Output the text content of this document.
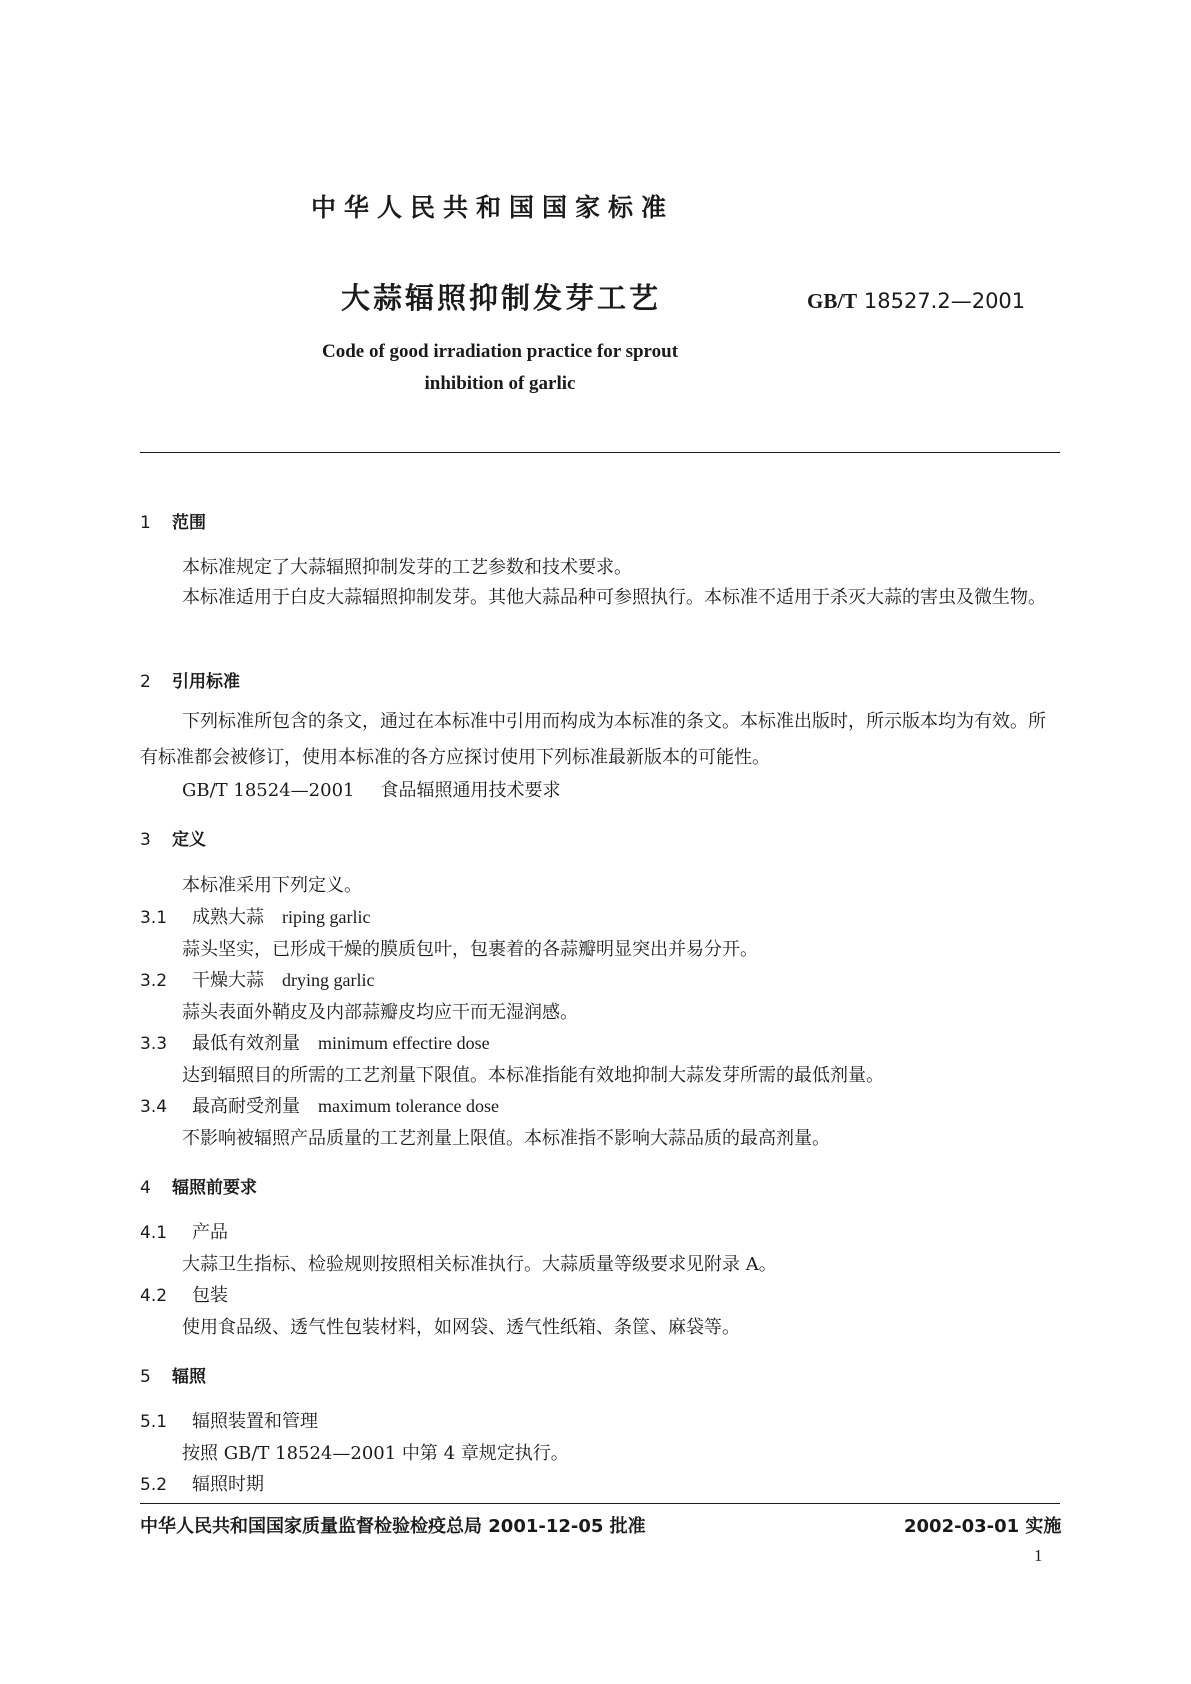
中华人民共和国国家标准
大蒜辐照抑制发芽工艺	GB/T 18527.2—2001
Code of good irradiation practice for sprout inhibition of garlic
1 范围
本标准规定了大蒜辐照抑制发芽的工艺参数和技术要求。
本标准适用于白皮大蒜辐照抑制发芽。其他大蒜品种可参照执行。本标准不适用于杀灭大蒜的害虫及微生物。
2 引用标准
下列标准所包含的条文，通过在本标准中引用而构成为本标准的条文。本标准出版时，所示版本均为有效。所有标准都会被修订，使用本标准的各方应探讨使用下列标准最新版本的可能性。
GB/T 18524—2001 食品辐照通用技术要求
3 定义
本标准采用下列定义。
3.1 成熟大蒜 riping garlic
蒜头坚实，已形成干燥的膜质包叶，包裹着的各蒜瓣明显突出并易分开。
3.2 干燥大蒜 drying garlic
蒜头表面外鞘皮及内部蒜瓣皮均应干而无湿润感。
3.3 最低有效剂量 minimum effectire dose
达到辐照目的所需的工艺剂量下限值。本标准指能有效地抑制大蒜发芽所需的最低剂量。
3.4 最高耐受剂量 maximum tolerance dose
不影响被辐照产品质量的工艺剂量上限值。本标准指不影响大蒜品质的最高剂量。
4 辐照前要求
4.1 产品
大蒜卫生指标、检验规则按照相关标准执行。大蒜质量等级要求见附录 A。
4.2 包装
使用食品级、透气性包装材料，如网袋、透气性纸箱、条筐、麻袋等。
5 辐照
5.1 辐照装置和管理
按照 GB/T 18524—2001 中第 4 章规定执行。
5.2 辐照时期
中华人民共和国国家质量监督检验检疫总局 2001-12-05 批准	2002-03-01 实施
1
